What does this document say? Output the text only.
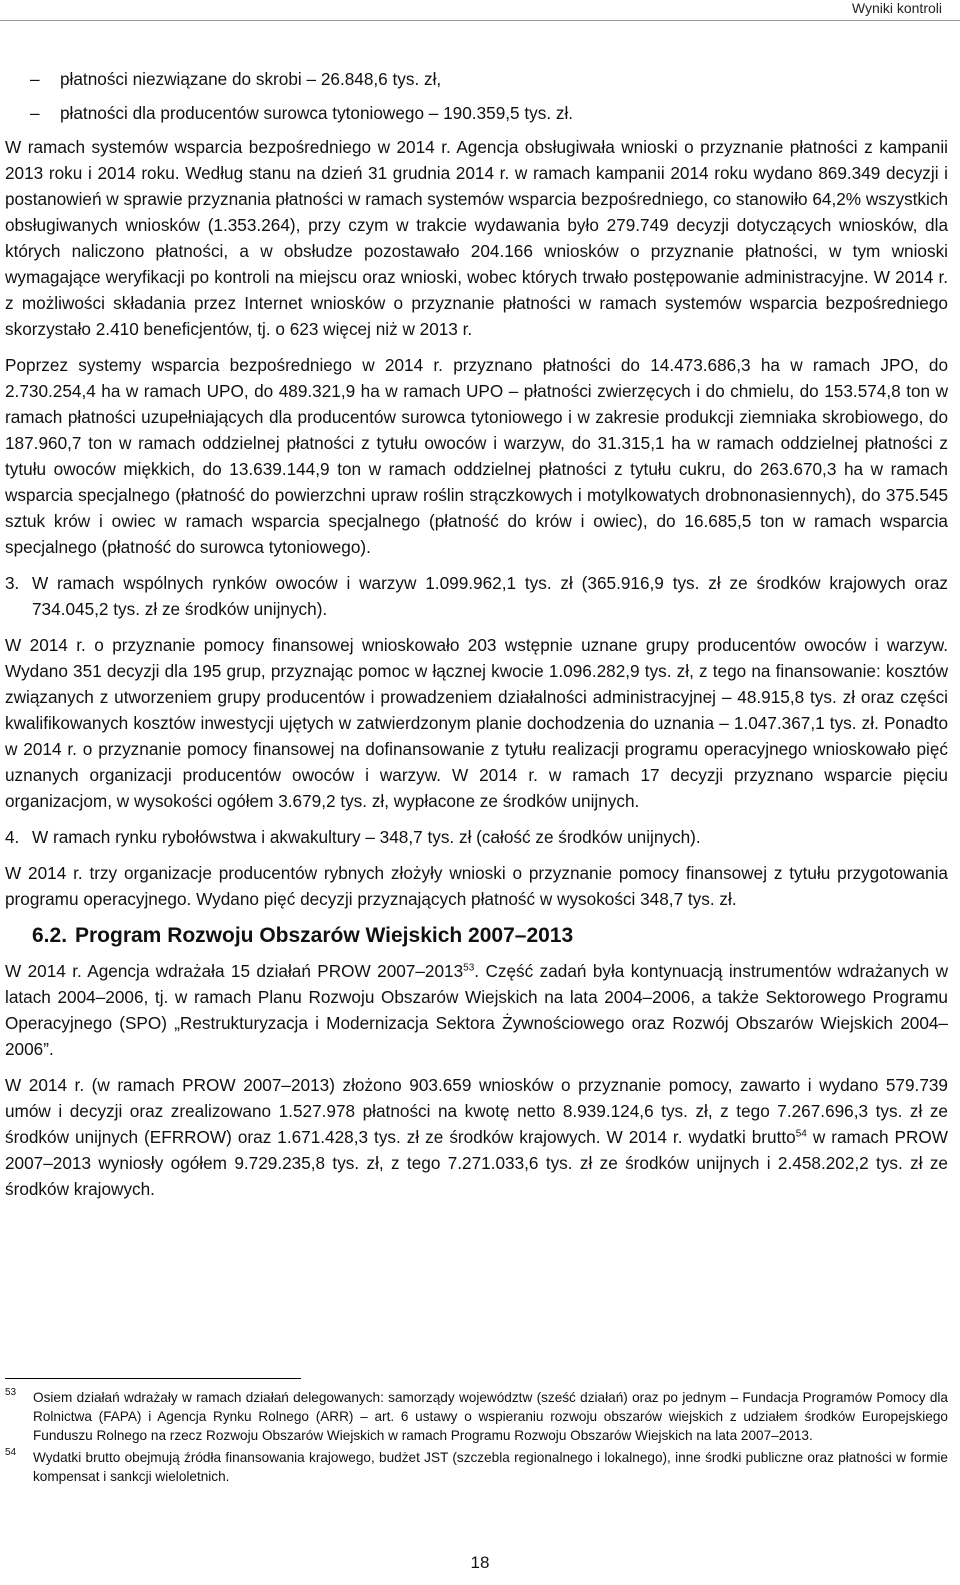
Wyniki kontroli

– płatności niezwiązane do skrobi – 26.848,6 tys. zł,

– płatności dla producentów surowca tytoniowego – 190.359,5 tys. zł.

W ramach systemów wsparcia bezpośredniego w 2014 r. Agencja obsługiwała wnioski o przyznanie płatności z kampanii 2013 roku i 2014 roku. Według stanu na dzień 31 grudnia 2014 r. w ramach kampanii 2014 roku wydano 869.349 decyzji i postanowień w sprawie przyznania płatności w ramach systemów wsparcia bezpośredniego, co stanowiło 64,2% wszystkich obsługiwanych wniosków (1.353.264), przy czym w trakcie wydawania było 279.749 decyzji dotyczących wniosków, dla których naliczono płatności, a w obsłudze pozostawało 204.166 wniosków o przyznanie płatności, w tym wnioski wymagające weryfikacji po kontroli na miejscu oraz wnioski, wobec których trwało postępowanie administracyjne. W 2014 r. z możliwości składania przez Internet wniosków o przyznanie płatności w ramach systemów wsparcia bezpośredniego skorzystało 2.410 beneficjentów, tj. o 623 więcej niż w 2013 r.

Poprzez systemy wsparcia bezpośredniego w 2014 r. przyznano płatności do 14.473.686,3 ha w ramach JPO, do 2.730.254,4 ha w ramach UPO, do 489.321,9 ha w ramach UPO – płatności zwierzęcych i do chmielu, do 153.574,8 ton w ramach płatności uzupełniających dla producentów surowca tytoniowego i w zakresie produkcji ziemniaka skrobiowego, do 187.960,7 ton w ramach oddzielnej płatności z tytułu owoców i warzyw, do 31.315,1 ha w ramach oddzielnej płatności z tytułu owoców miękkich, do 13.639.144,9 ton w ramach oddzielnej płatności z tytułu cukru, do 263.670,3 ha w ramach wsparcia specjalnego (płatność do powierzchni upraw roślin strączkowych i motylkowatych drobnonasiennych), do 375.545 sztuk krów i owiec w ramach wsparcia specjalnego (płatność do krów i owiec), do 16.685,5 ton w ramach wsparcia specjalnego (płatność do surowca tytoniowego).

3. W ramach wspólnych rynków owoców i warzyw 1.099.962,1 tys. zł (365.916,9 tys. zł ze środków krajowych oraz 734.045,2 tys. zł ze środków unijnych).

W 2014 r. o przyznanie pomocy finansowej wnioskowało 203 wstępnie uznane grupy producentów owoców i warzyw. Wydano 351 decyzji dla 195 grup, przyznając pomoc w łącznej kwocie 1.096.282,9 tys. zł, z tego na finansowanie: kosztów związanych z utworzeniem grupy producentów i prowadzeniem działalności administracyjnej – 48.915,8 tys. zł oraz części kwalifikowanych kosztów inwestycji ujętych w zatwierdzonym planie dochodzenia do uznania – 1.047.367,1 tys. zł. Ponadto w 2014 r. o przyznanie pomocy finansowej na dofinansowanie z tytułu realizacji programu operacyjnego wnioskowało pięć uznanych organizacji producentów owoców i warzyw. W 2014 r. w ramach 17 decyzji przyznano wsparcie pięciu organizacjom, w wysokości ogółem 3.679,2 tys. zł, wypłacone ze środków unijnych.

4. W ramach rynku rybołówstwa i akwakultury – 348,7 tys. zł (całość ze środków unijnych).

W 2014 r. trzy organizacje producentów rybnych złożyły wnioski o przyznanie pomocy finansowej z tytułu przygotowania programu operacyjnego. Wydano pięć decyzji przyznających płatność w wysokości 348,7 tys. zł.

6.2. Program Rozwoju Obszarów Wiejskich 2007–2013

W 2014 r. Agencja wdrażała 15 działań PROW 2007–2013$^{53}$. Część zadań była kontynuacją instrumentów wdrażanych w latach 2004–2006, tj. w ramach Planu Rozwoju Obszarów Wiejskich na lata 2004–2006, a także Sektorowego Programu Operacyjnego (SPO) „Restrukturyzacja i Modernizacja Sektora Żywnościowego oraz Rozwój Obszarów Wiejskich 2004–2006”.

W 2014 r. (w ramach PROW 2007–2013) złożono 903.659 wniosków o przyznanie pomocy, zawarto i wydano 579.739 umów i decyzji oraz zrealizowano 1.527.978 płatności na kwotę netto 8.939.124,6 tys. zł, z tego 7.267.696,3 tys. zł ze środków unijnych (EFRROW) oraz 1.671.428,3 tys. zł ze środków krajowych. W 2014 r. wydatki brutto$^{54}$ w ramach PROW 2007–2013 wyniosły ogółem 9.729.235,8 tys. zł, z tego 7.271.033,6 tys. zł ze środków unijnych i 2.458.202,2 tys. zł ze środków krajowych.

53 Osiem działań wdrażały w ramach działań delegowanych: samorządy województw (sześć działań) oraz po jednym – Fundacja Programów Pomocy dla Rolnictwa (FAPA) i Agencja Rynku Rolnego (ARR) – art. 6 ustawy o wspieraniu rozwoju obszarów wiejskich z udziałem środków Europejskiego Funduszu Rolnego na rzecz Rozwoju Obszarów Wiejskich w ramach Programu Rozwoju Obszarów Wiejskich na lata 2007–2013.
54 Wydatki brutto obejmują źródła finansowania krajowego, budżet JST (szczebla regionalnego i lokalnego), inne środki publiczne oraz płatności w formie kompensat i sankcji wieloletnich.
18
